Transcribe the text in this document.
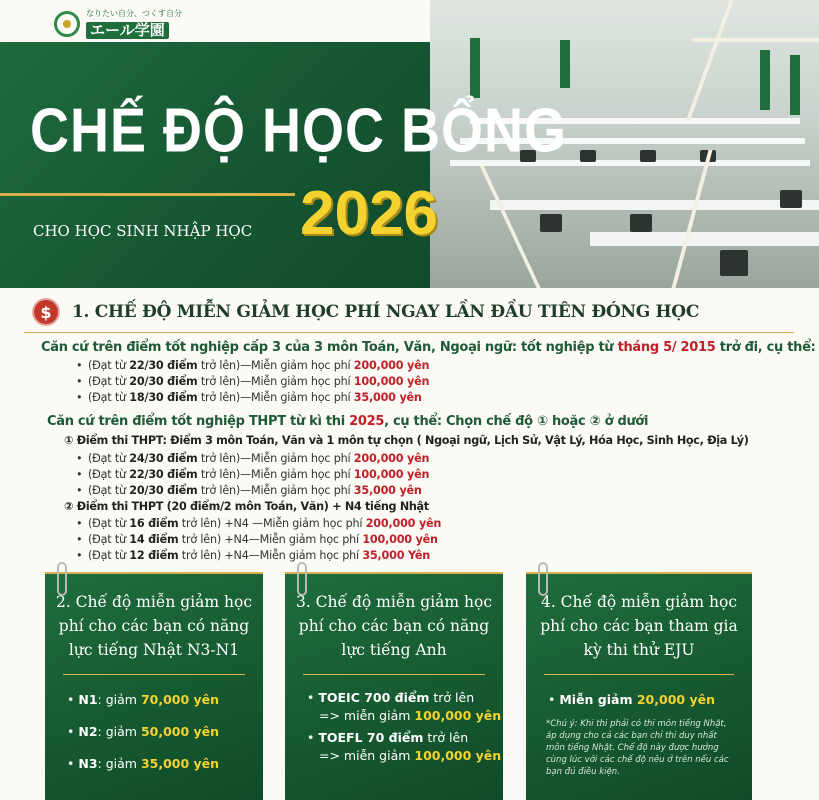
なりたい自分、つくす自分
エール学園
CHẾ ĐỘ HỌC BỔNG
CHO HỌC SINH NHẬP HỌC 2026
$	1. CHẾ ĐỘ MIỄN GIẢM HỌC PHÍ NGAY LẦN ĐẦU TIÊN ĐÓNG HỌC
Căn cứ trên điểm tốt nghiệp cấp 3 của 3 môn Toán, Văn, Ngoại ngữ: tốt nghiệp từ tháng 5/ 2015 trở đi, cụ thể:
• (Đạt từ 22/30 điểm trở lên)—Miễn giảm học phí 200,000 yên
• (Đạt từ 20/30 điểm trở lên)—Miễn giảm học phí 100,000 yên
• (Đạt từ 18/30 điểm trở lên)—Miễn giảm học phí 35,000 yên
Căn cứ trên điểm tốt nghiệp THPT từ kì thi 2025, cụ thể: Chọn chế độ ① hoặc ② ở dưới
① Điểm thi THPT: Điểm 3 môn Toán, Văn và 1 môn tự chọn ( Ngoại ngữ, Lịch Sử, Vật Lý, Hóa Học, Sinh Học, Địa Lý)
• (Đạt từ 24/30 điểm trở lên)—Miễn giảm học phí 200,000 yên
• (Đạt từ 22/30 điểm trở lên)—Miễn giảm học phí 100,000 yên
• (Đạt từ 20/30 điểm trở lên)—Miễn giảm học phí 35,000 yên
② Điểm thi THPT (20 điểm/2 môn Toán, Văn) + N4 tiếng Nhật
• (Đạt từ 16 điểm trở lên) +N4 —Miễn giảm học phí 200,000 yên
• (Đạt từ 14 điểm trở lên) +N4—Miễn giảm học phí 100,000 yên
• (Đạt từ 12 điểm trở lên) +N4—Miễn giảm học phí 35,000 Yên
2. Chế độ miễn giảm học phí cho các bạn có năng lực tiếng Nhật N3-N1
• N1: giảm 70,000 yên
• N2: giảm 50,000 yên
• N3: giảm 35,000 yên
3. Chế độ miễn giảm học phí cho các bạn có năng lực tiếng Anh
• TOEIC 700 điểm trở lên
=> miễn giảm 100,000 yên
• TOEFL 70 điểm trở lên
=> miễn giảm 100,000 yên
4. Chế độ miễn giảm học phí cho các bạn tham gia kỳ thi thử EJU
• Miễn giảm 20,000 yên
*Chú ý: Khi thi phải có thi môn tiếng Nhật, áp dụng cho cả các bạn chỉ thi duy nhất môn tiếng Nhật. Chế độ này được hưởng cùng lúc với các chế độ nêu ở trên nếu các bạn đủ điều kiện.
